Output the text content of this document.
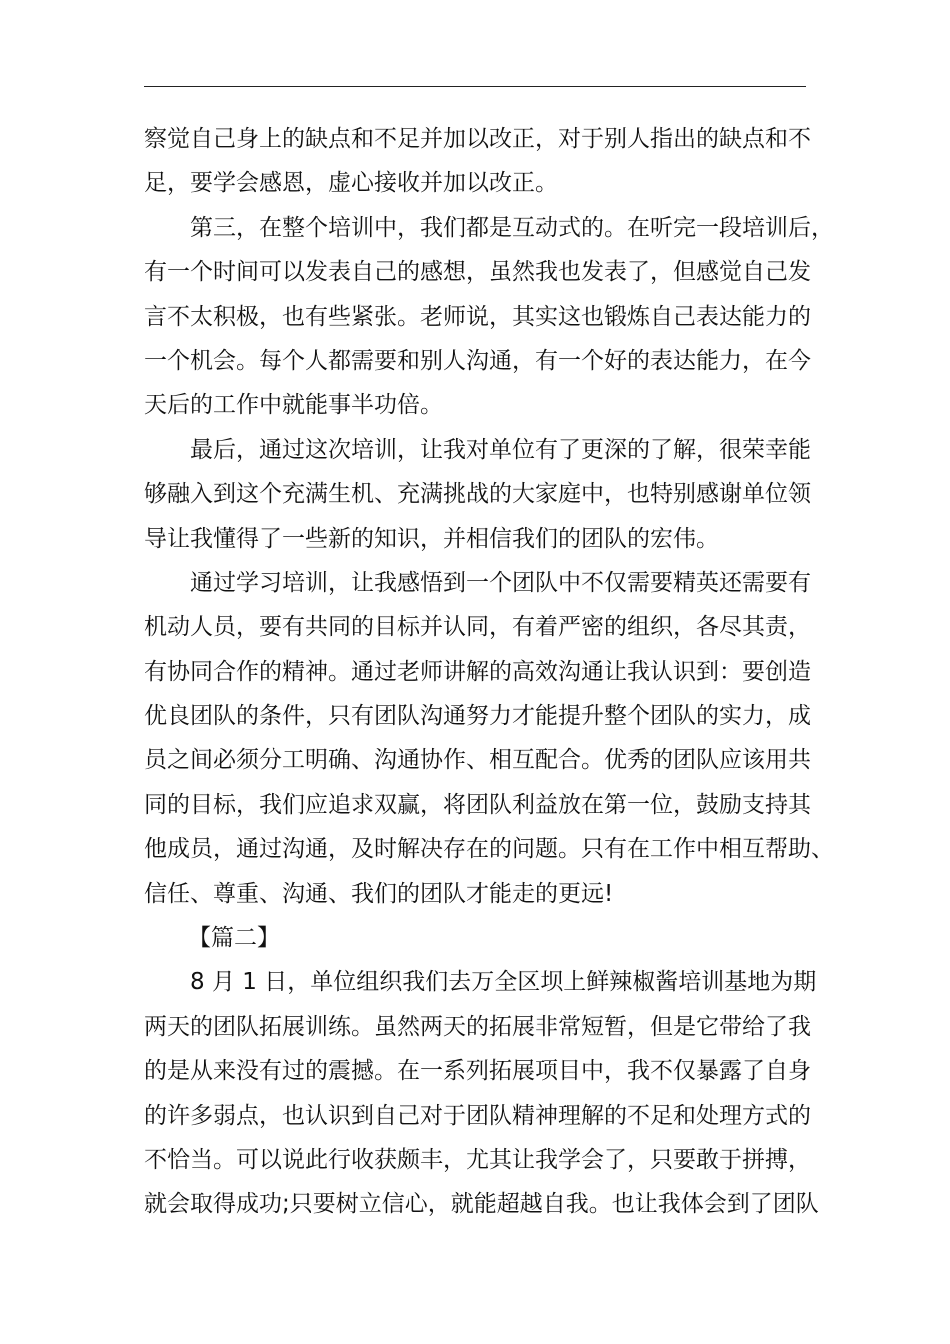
察觉自己身上的缺点和不足并加以改正，对于别人指出的缺点和不
足，要学会感恩，虚心接收并加以改正。
第三，在整个培训中，我们都是互动式的。在听完一段培训后，
有一个时间可以发表自己的感想，虽然我也发表了，但感觉自己发
言不太积极，也有些紧张。老师说，其实这也锻炼自己表达能力的
一个机会。每个人都需要和别人沟通，有一个好的表达能力，在今
天后的工作中就能事半功倍。
最后，通过这次培训，让我对单位有了更深的了解，很荣幸能
够融入到这个充满生机、充满挑战的大家庭中，也特别感谢单位领
导让我懂得了一些新的知识，并相信我们的团队的宏伟。
通过学习培训，让我感悟到一个团队中不仅需要精英还需要有
机动人员，要有共同的目标并认同，有着严密的组织，各尽其责，
有协同合作的精神。通过老师讲解的高效沟通让我认识到：要创造
优良团队的条件，只有团队沟通努力才能提升整个团队的实力，成
员之间必须分工明确、沟通协作、相互配合。优秀的团队应该用共
同的目标，我们应追求双赢，将团队利益放在第一位，鼓励支持其
他成员，通过沟通，及时解决存在的问题。只有在工作中相互帮助、
信任、尊重、沟通、我们的团队才能走的更远!
【篇二】
8 月 1 日，单位组织我们去万全区坝上鲜辣椒酱培训基地为期
两天的团队拓展训练。虽然两天的拓展非常短暂，但是它带给了我
的是从来没有过的震撼。在一系列拓展项目中，我不仅暴露了自身
的许多弱点，也认识到自己对于团队精神理解的不足和处理方式的
不恰当。可以说此行收获颇丰，尤其让我学会了，只要敢于拼搏，
就会取得成功;只要树立信心，就能超越自我。也让我体会到了团队
